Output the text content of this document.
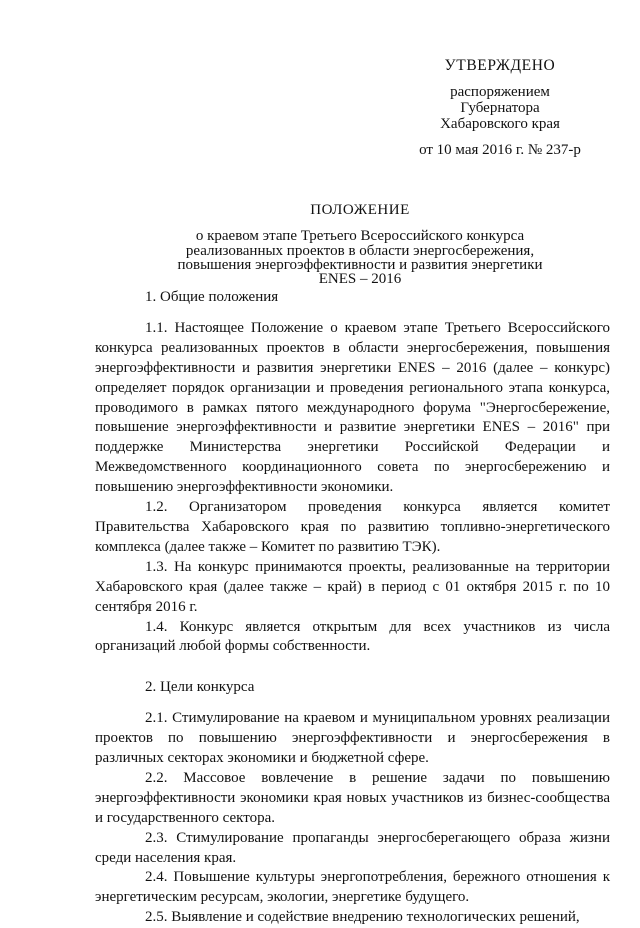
УТВЕРЖДЕНО
распоряжением
Губернатора
Хабаровского края
от 10 мая 2016 г. № 237-р
ПОЛОЖЕНИЕ
о краевом этапе Третьего Всероссийского конкурса
реализованных проектов в области энергосбережения,
повышения энергоэффективности и развития энергетики
ENES – 2016

1. Общие положения

1.1. Настоящее Положение о краевом этапе Третьего Всероссийского конкурса реализованных проектов в области энергосбережения, повышения энергоэффективности и развития энергетики ENES – 2016 (далее – конкурс) определяет порядок организации и проведения регионального этапа конкурса, проводимого в рамках пятого международного форума "Энергосбережение, повышение энергоэффективности и развитие энергетики ENES – 2016" при поддержке Министерства энергетики Российской Федерации и Межведомственного координационного совета по энергосбережению и повышению энергоэффективности экономики.

1.2. Организатором проведения конкурса является комитет Правительства Хабаровского края по развитию топливно-энергетического комплекса (далее также – Комитет по развитию ТЭК).

1.3. На конкурс принимаются проекты, реализованные на территории Хабаровского края (далее также – край) в период с 01 октября 2015 г. по 10 сентября 2016 г.

1.4. Конкурс является открытым для всех участников из числа организаций любой формы собственности.

2. Цели конкурса

2.1. Стимулирование на краевом и муниципальном уровнях реализации проектов по повышению энергоэффективности и энергосбережения в различных секторах экономики и бюджетной сфере.

2.2. Массовое вовлечение в решение задачи по повышению энергоэффективности экономики края новых участников из бизнес-сообщества и государственного сектора.

2.3. Стимулирование пропаганды энергосберегающего образа жизни среди населения края.

2.4. Повышение культуры энергопотребления, бережного отношения к энергетическим ресурсам, экологии, энергетике будущего.

2.5. Выявление и содействие внедрению технологических решений,
